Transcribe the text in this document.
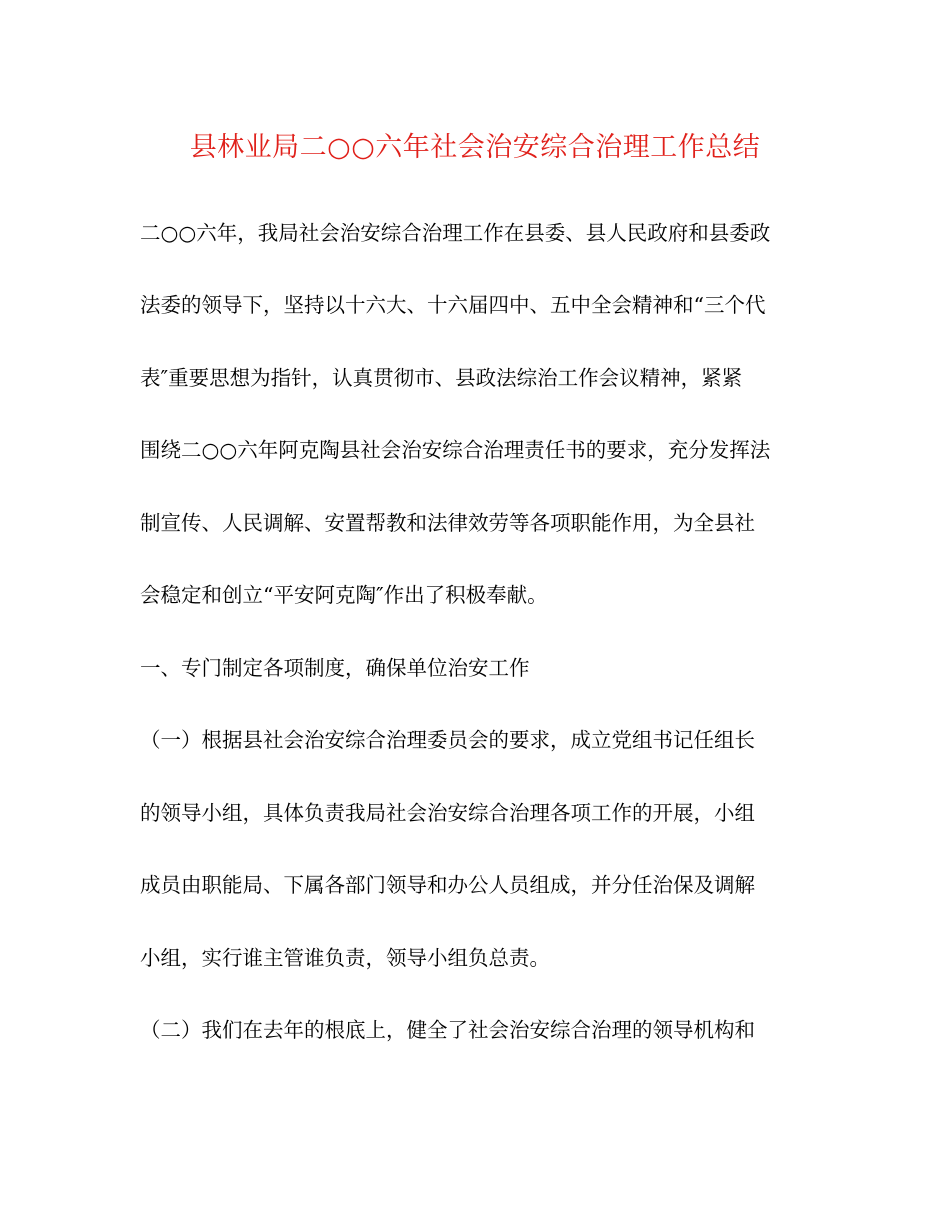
县林业局二○○六年社会治安综合治理工作总结
二○○六年，我局社会治安综合治理工作在县委、县人民政府和县委政
法委的领导下，坚持以十六大、十六届四中、五中全会精神和“三个代
表″重要思想为指针，认真贯彻市、县政法综治工作会议精神，紧紧
围绕二○○六年阿克陶县社会治安综合治理责任书的要求，充分发挥法
制宣传、人民调解、安置帮教和法律效劳等各项职能作用，为全县社
会稳定和创立“平安阿克陶″作出了积极奉献。
一、专门制定各项制度，确保单位治安工作
（一）根据县社会治安综合治理委员会的要求，成立党组书记任组长
的领导小组，具体负责我局社会治安综合治理各项工作的开展，小组
成员由职能局、下属各部门领导和办公人员组成，并分任治保及调解
小组，实行谁主管谁负责，领导小组负总责。
（二）我们在去年的根底上，健全了社会治安综合治理的领导机构和
